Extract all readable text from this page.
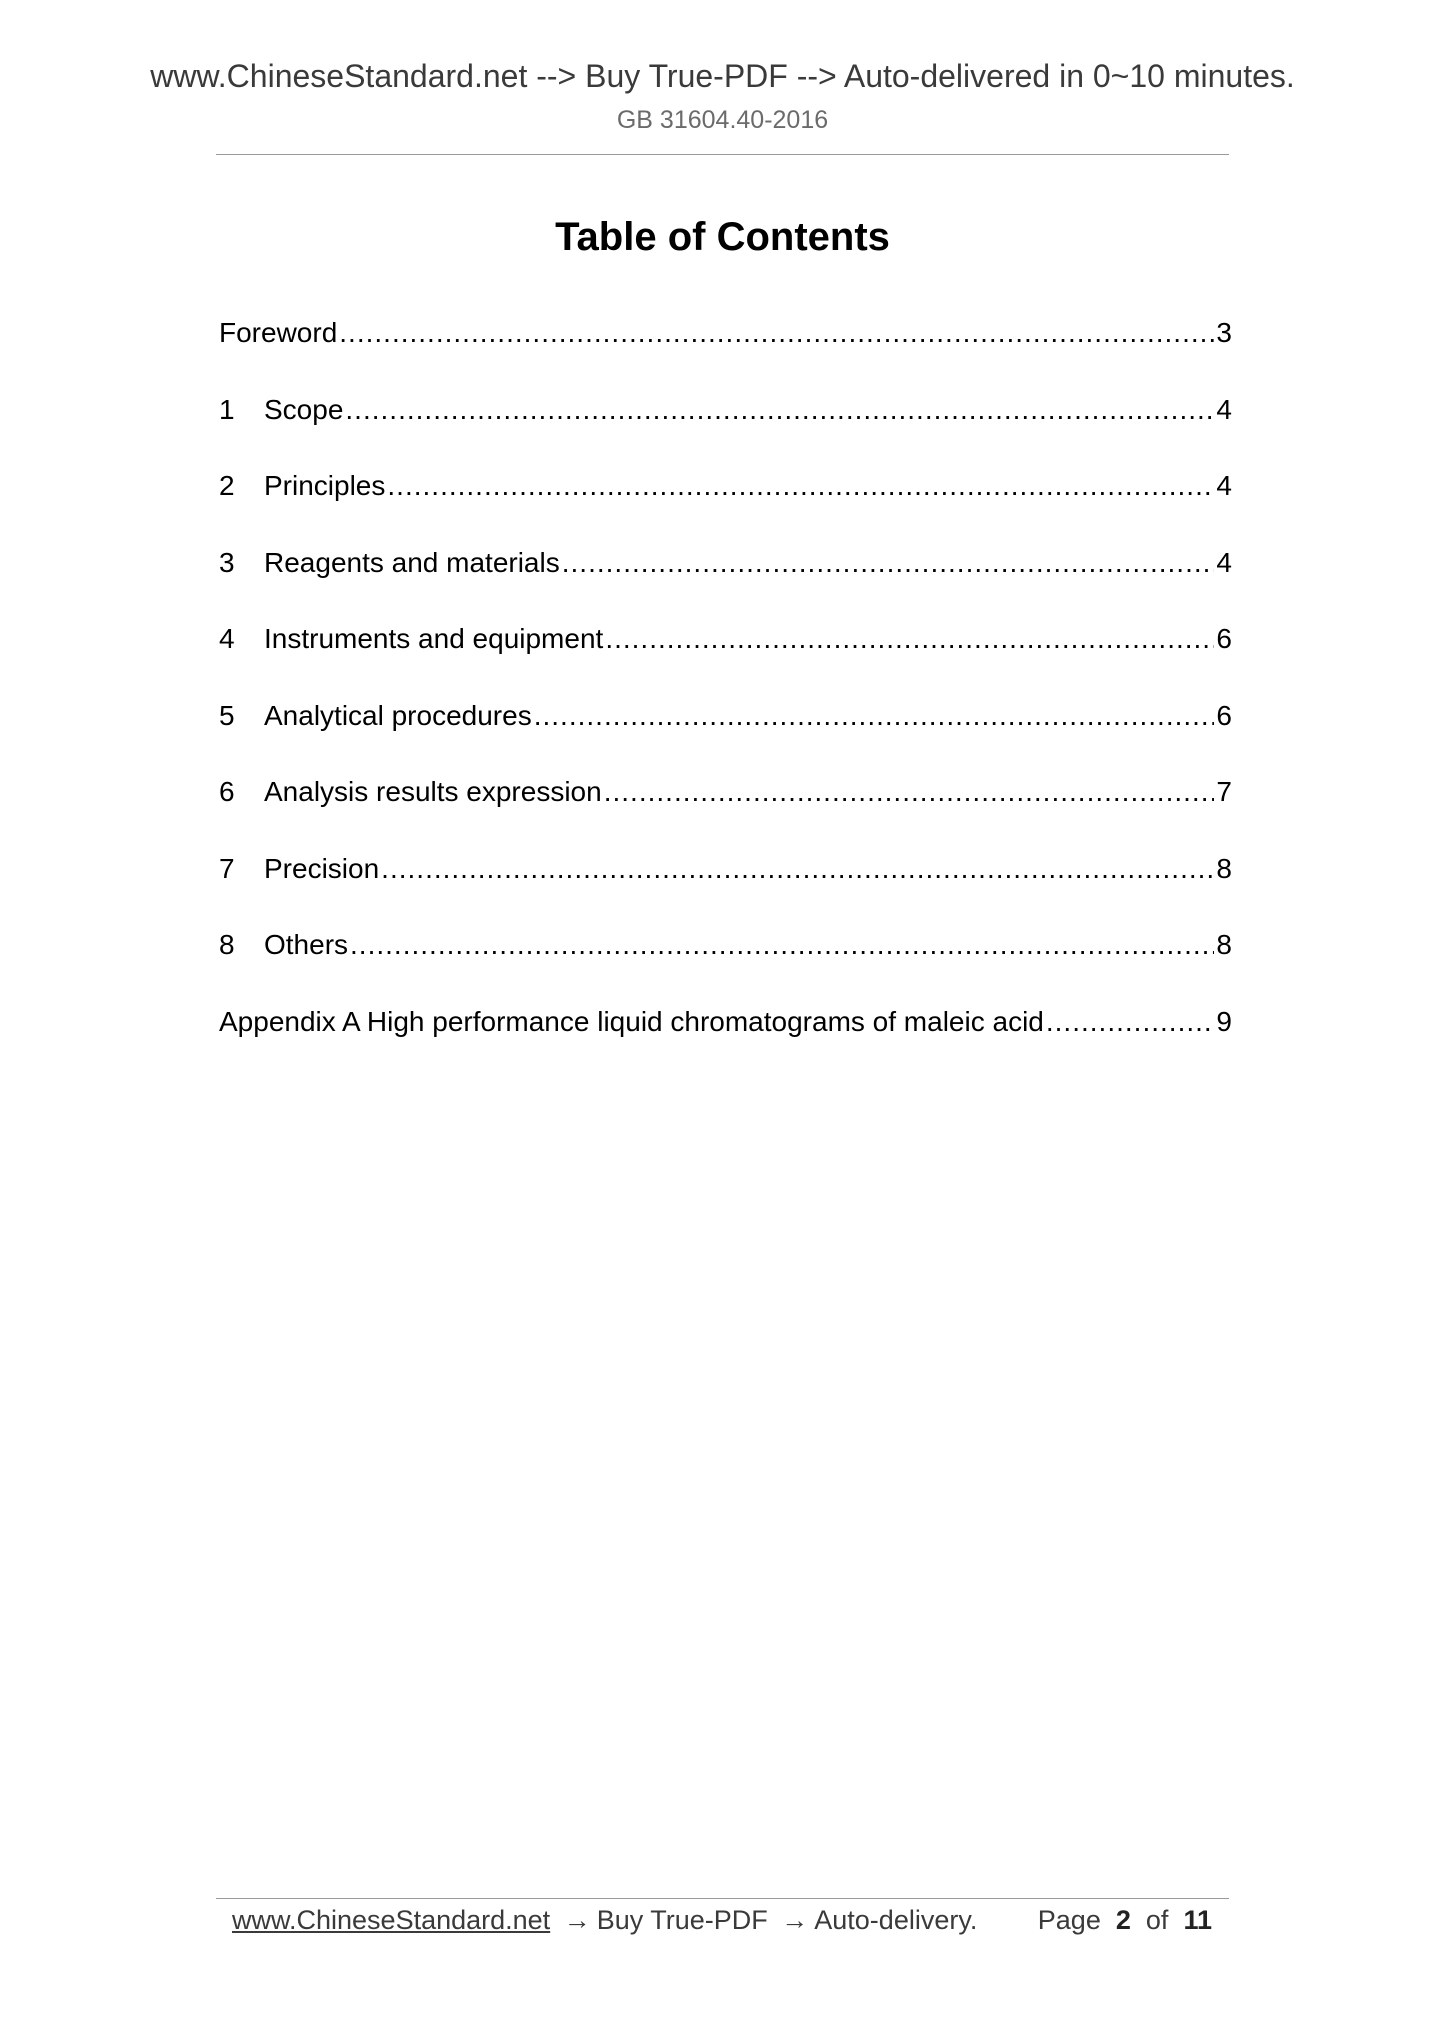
www.ChineseStandard.net --> Buy True-PDF --> Auto-delivered in 0~10 minutes.
GB 31604.40-2016
Table of Contents
Foreword .....	3
1	Scope .....	4
2	Principles .....	4
3	Reagents and materials .....	4
4	Instruments and equipment .....	6
5	Analytical procedures .....	6
6	Analysis results expression .....	7
7	Precision .....	8
8	Others .....	8
Appendix A High performance liquid chromatograms of maleic acid .....	9
www.ChineseStandard.net → Buy True-PDF → Auto-delivery. Page 2 of 11
